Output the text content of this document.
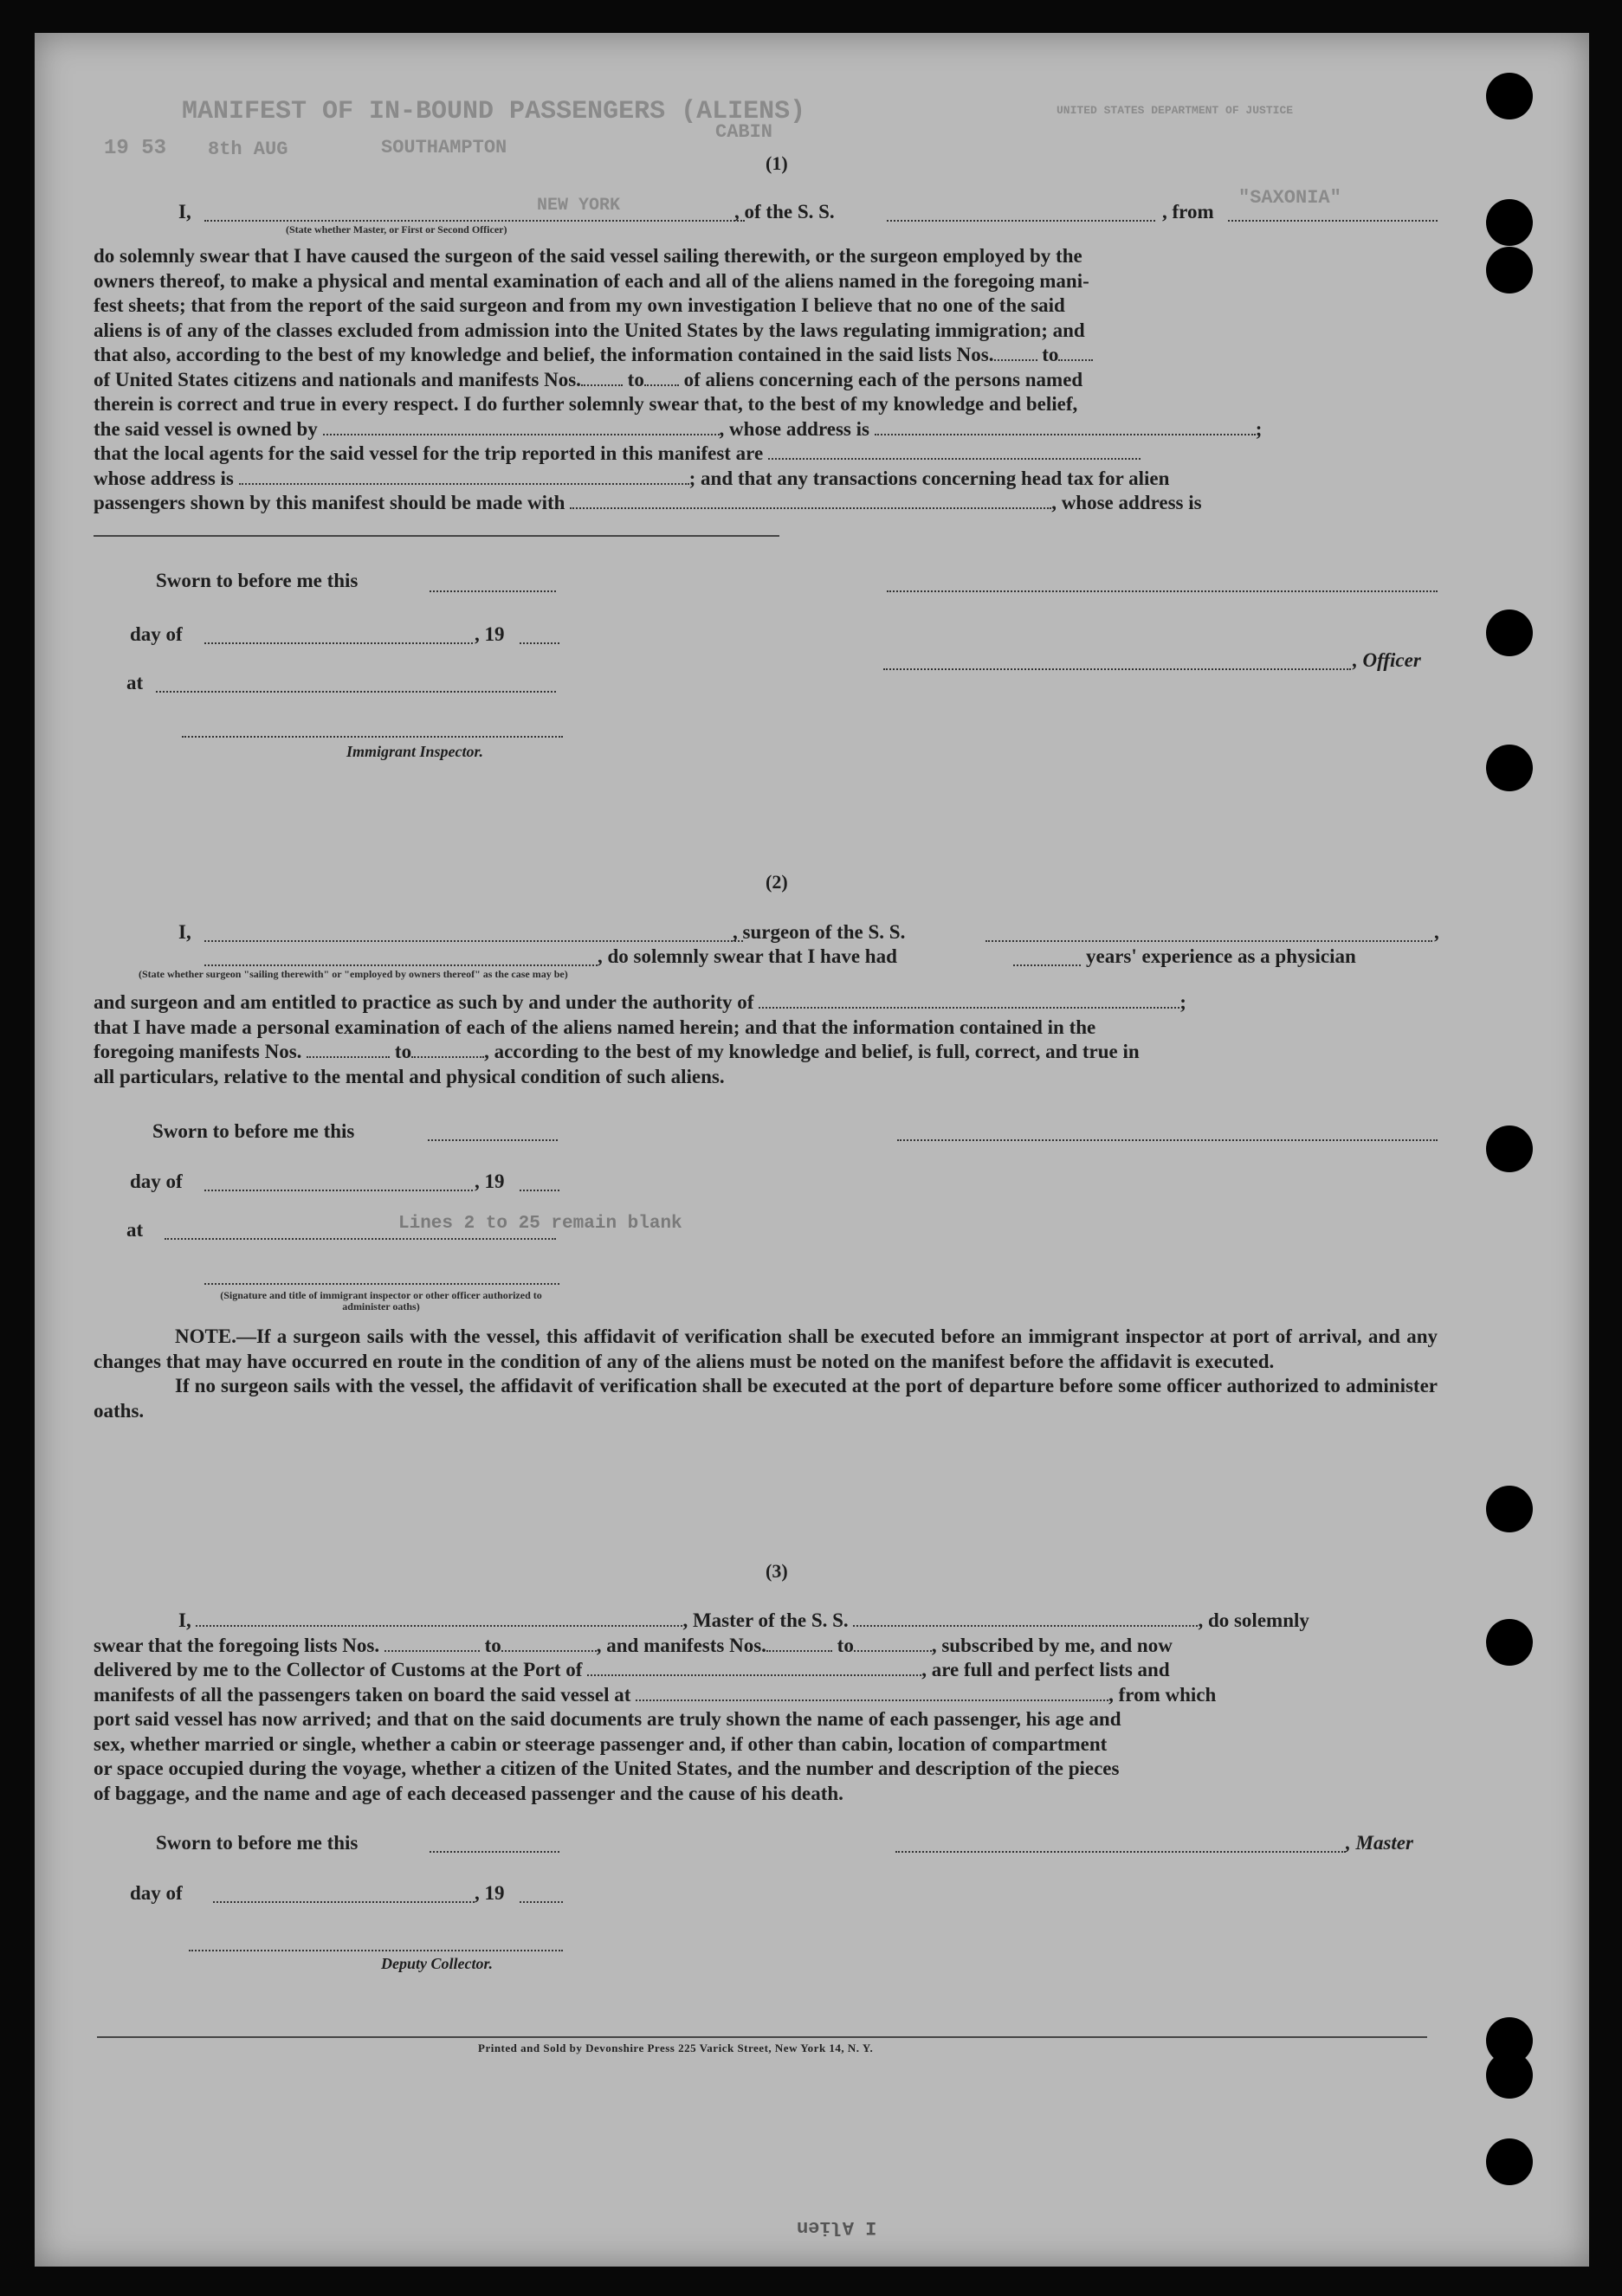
MANIFEST OF IN-BOUND PASSENGERS (ALIENS)
CABIN
SOUTHAMPTON
8th AUG
19 53
UNITED STATES DEPARTMENT OF JUSTICE
NEW YORK	"SAXONIA"
(1)
I,	, of the S. S.	, from
(State whether Master, or First or Second Officer)
do solemnly swear that I have caused the surgeon of the said vessel sailing therewith, or the surgeon employed by the
owners thereof, to make a physical and mental examination of each and all of the aliens named in the foregoing mani-
fest sheets; that from the report of the said surgeon and from my own investigation I believe that no one of the said
aliens is of any of the classes excluded from admission into the United States by the laws regulating immigration; and
that also, according to the best of my knowledge and belief, the information contained in the said lists Nos. to
of United States citizens and nationals and manifests Nos. to of aliens concerning each of the persons named
therein is correct and true in every respect. I do further solemnly swear that, to the best of my knowledge and belief,
the said vessel is owned by	, whose address is	;
that the local agents for the said vessel for the trip reported in this manifest are
whose address is	; and that any transactions concerning head tax for alien
passengers shown by this manifest should be made with	, whose address is
Sworn to before me this
day of	, 19
, Officer
at
Immigrant Inspector.
(2)
I,	, surgeon of the S. S.	,
, do solemnly swear that I have had	years' experience as a physician
(State whether surgeon "sailing therewith" or "employed by owners thereof" as the case may be)
and surgeon and am entitled to practice as such by and under the authority of	;
that I have made a personal examination of each of the aliens named herein; and that the information contained in the
foregoing manifests Nos.	to	, according to the best of my knowledge and belief, is full, correct, and true in
all particulars, relative to the mental and physical condition of such aliens.
Sworn to before me this
day of	, 19
at	Lines 2 to 25 remain blank
(Signature and title of immigrant inspector or other officer authorized to administer oaths)
NOTE.—If a surgeon sails with the vessel, this affidavit of verification shall be executed before an immigrant inspector at port of arrival, and any changes that may have occurred en route in the condition of any of the aliens must be noted on the manifest before the affidavit is executed.
If no surgeon sails with the vessel, the affidavit of verification shall be executed at the port of departure before some officer authorized to administer oaths.
(3)
I,	, Master of the S. S.	, do solemnly
swear that the foregoing lists Nos.	to	, and manifests Nos.	to	, subscribed by me, and now
delivered by me to the Collector of Customs at the Port of	, are full and perfect lists and
manifests of all the passengers taken on board the said vessel at	, from which
port said vessel has now arrived; and that on the said documents are truly shown the name of each passenger, his age and
sex, whether married or single, whether a cabin or steerage passenger and, if other than cabin, location of compartment
or space occupied during the voyage, whether a citizen of the United States, and the number and description of the pieces
of baggage, and the name and age of each deceased passenger and the cause of his death.
Sworn to before me this	, Master
day of	, 19
Deputy Collector.
Printed and Sold by Devonshire Press 225 Varick Street, New York 14, N. Y.
I Alien
